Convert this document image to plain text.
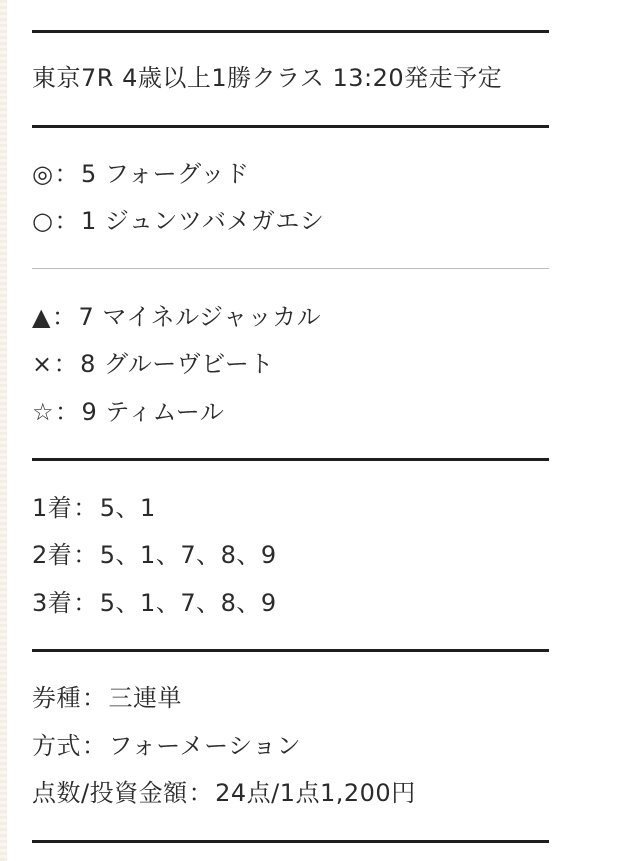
東京7R 4歳以上1勝クラス 13:20発走予定
◎：5 フォーグッド
○：1 ジュンツバメガエシ
▲：7 マイネルジャッカル
×：8 グルーヴビート
☆：9 ティムール
1着：5、1
2着：5、1、7、8、9
3着：5、1、7、8、9
券種：三連単
方式：フォーメーション
点数/投資金額：24点/1点1,200円
